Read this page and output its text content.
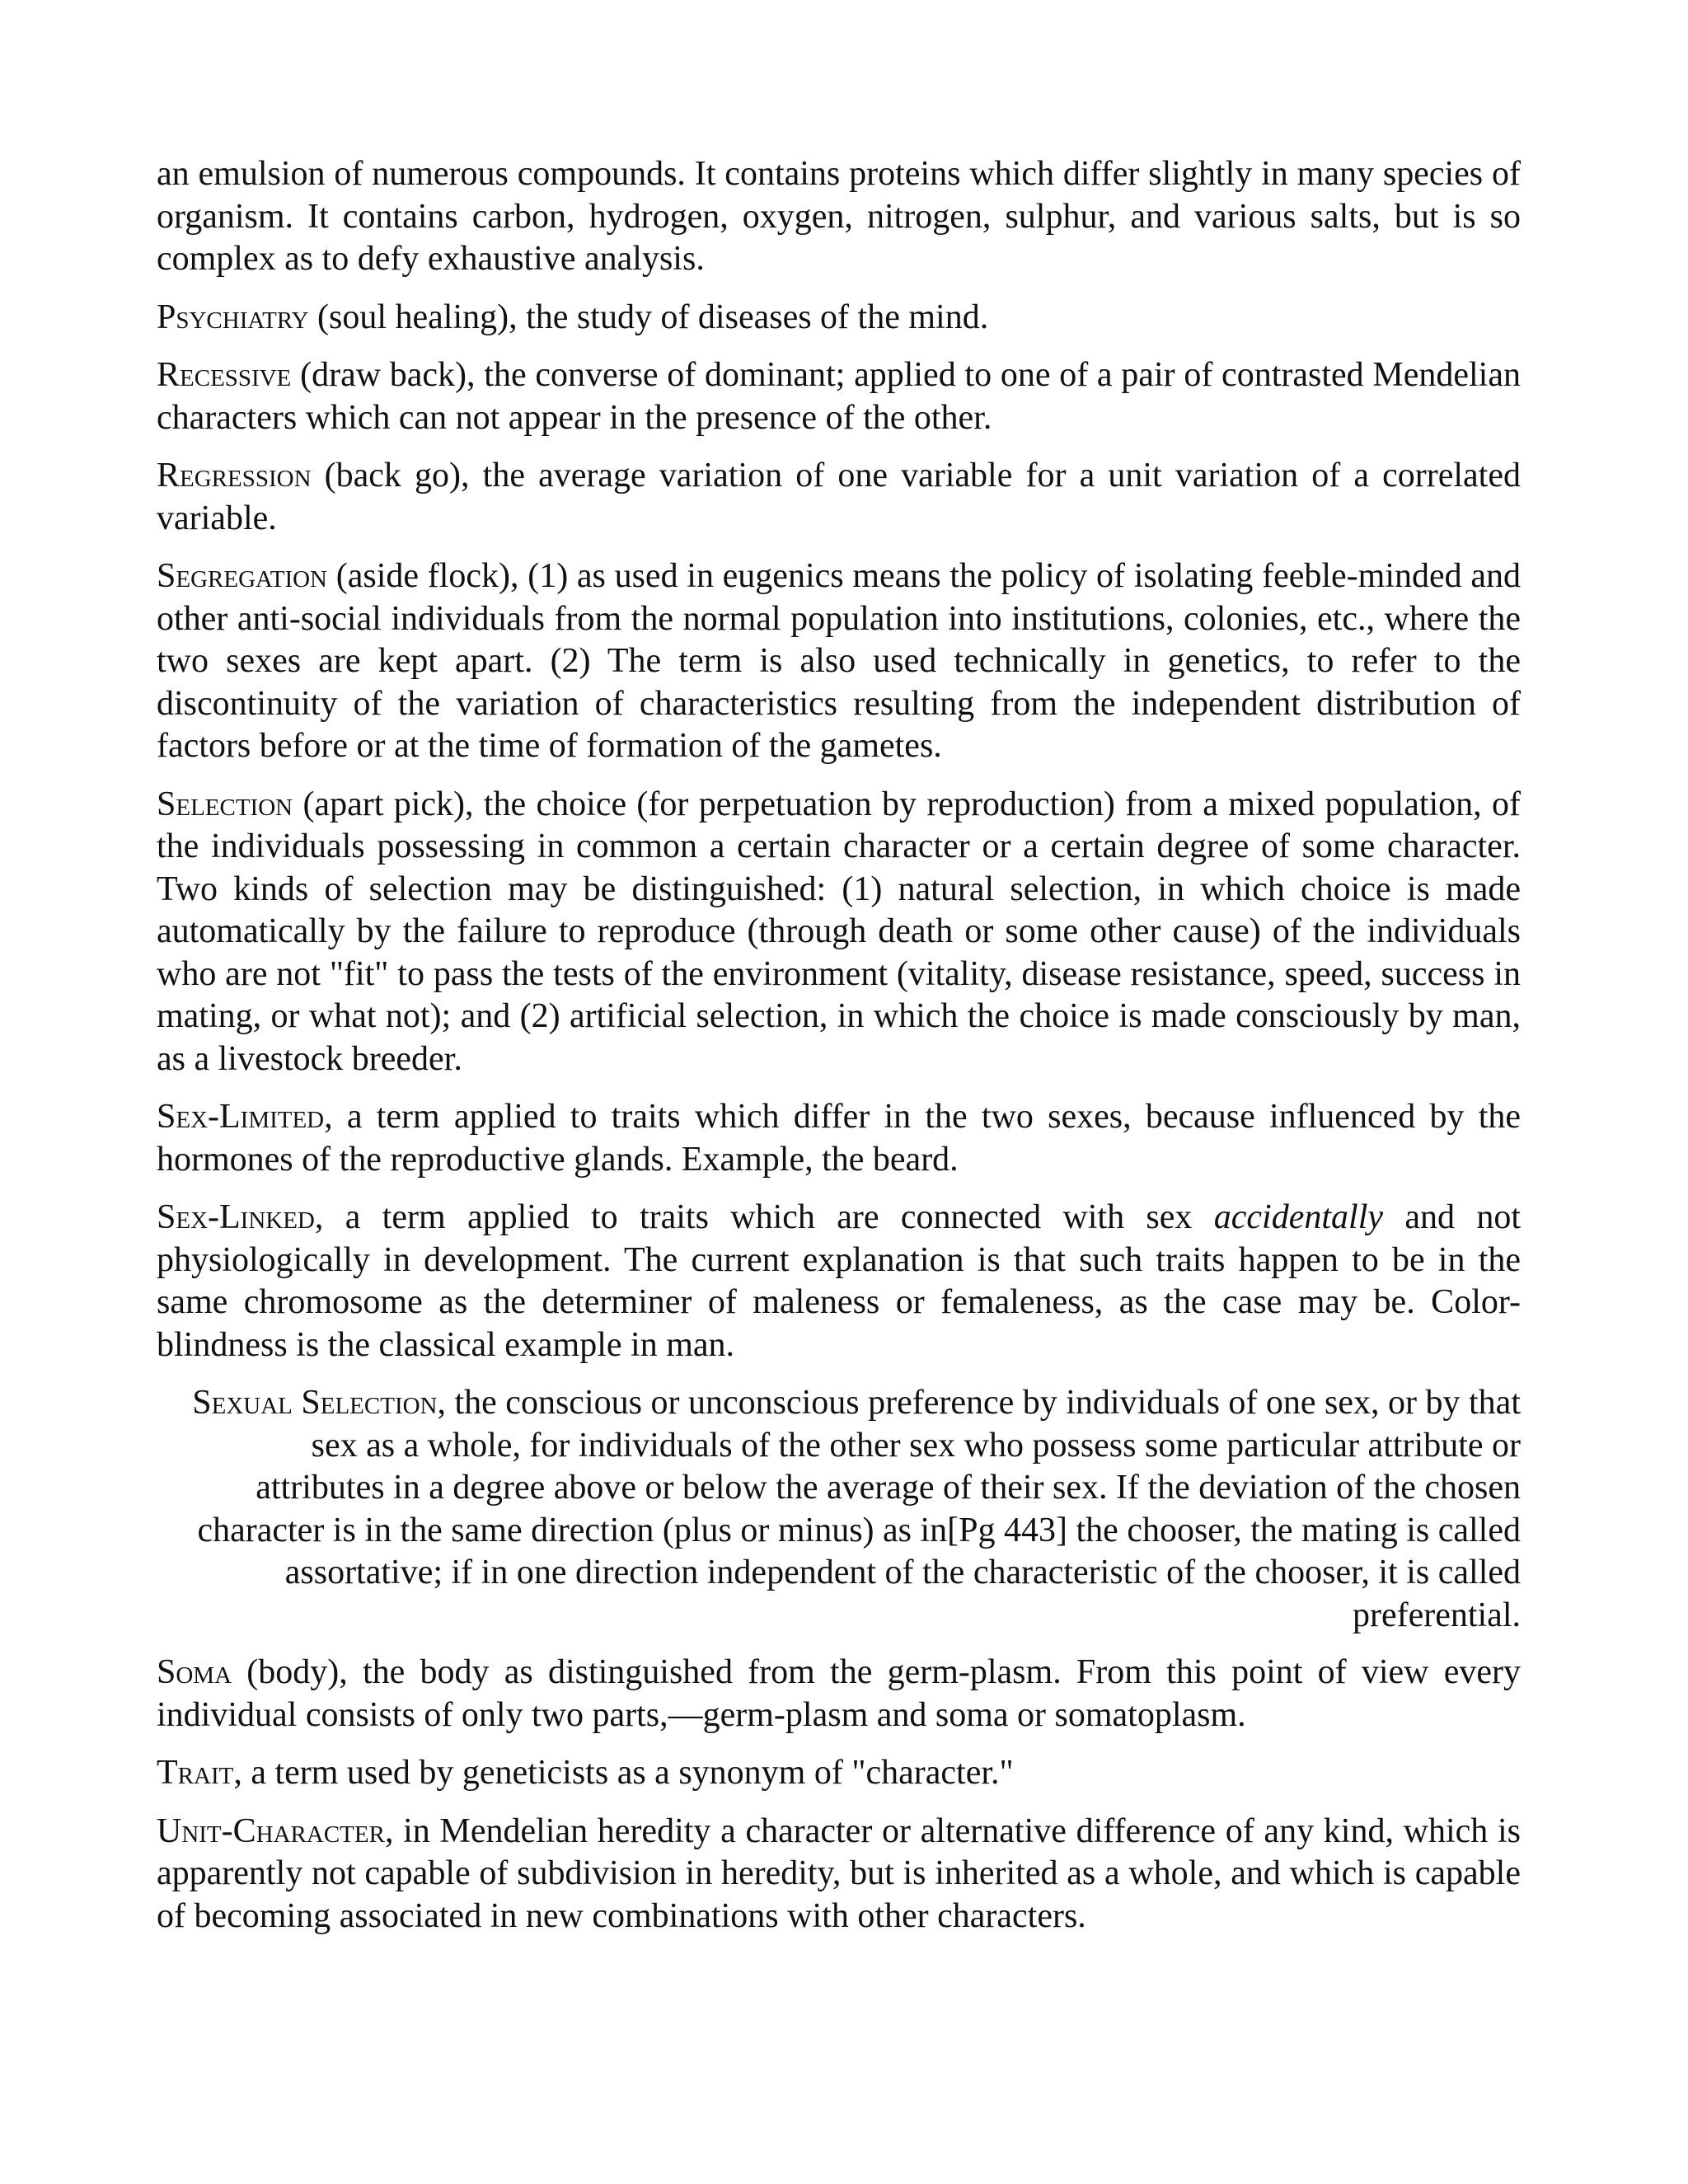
an emulsion of numerous compounds. It contains proteins which differ slightly in many species of organism. It contains carbon, hydrogen, oxygen, nitrogen, sulphur, and various salts, but is so complex as to defy exhaustive analysis.

Psychiatry (soul healing), the study of diseases of the mind.

Recessive (draw back), the converse of dominant; applied to one of a pair of contrasted Mendelian characters which can not appear in the presence of the other.

Regression (back go), the average variation of one variable for a unit variation of a correlated variable.

Segregation (aside flock), (1) as used in eugenics means the policy of isolating feeble-minded and other anti-social individuals from the normal population into institutions, colonies, etc., where the two sexes are kept apart. (2) The term is also used technically in genetics, to refer to the discontinuity of the variation of characteristics resulting from the independent distribution of factors before or at the time of formation of the gametes.

Selection (apart pick), the choice (for perpetuation by reproduction) from a mixed population, of the individuals possessing in common a certain character or a certain degree of some character. Two kinds of selection may be distinguished: (1) natural selection, in which choice is made automatically by the failure to reproduce (through death or some other cause) of the individuals who are not "fit" to pass the tests of the environment (vitality, disease resistance, speed, success in mating, or what not); and (2) artificial selection, in which the choice is made consciously by man, as a livestock breeder.

Sex-Limited, a term applied to traits which differ in the two sexes, because influenced by the hormones of the reproductive glands. Example, the beard.

Sex-Linked, a term applied to traits which are connected with sex accidentally and not physiologically in development. The current explanation is that such traits happen to be in the same chromosome as the determiner of maleness or femaleness, as the case may be. Color-blindness is the classical example in man.

Sexual Selection, the conscious or unconscious preference by individuals of one sex, or by that sex as a whole, for individuals of the other sex who possess some particular attribute or attributes in a degree above or below the average of their sex. If the deviation of the chosen character is in the same direction (plus or minus) as in[Pg 443] the chooser, the mating is called assortative; if in one direction independent of the characteristic of the chooser, it is called preferential.

Soma (body), the body as distinguished from the germ-plasm. From this point of view every individual consists of only two parts,—germ-plasm and soma or somatoplasm.

Trait, a term used by geneticists as a synonym of "character."

Unit-Character, in Mendelian heredity a character or alternative difference of any kind, which is apparently not capable of subdivision in heredity, but is inherited as a whole, and which is capable of becoming associated in new combinations with other characters.
